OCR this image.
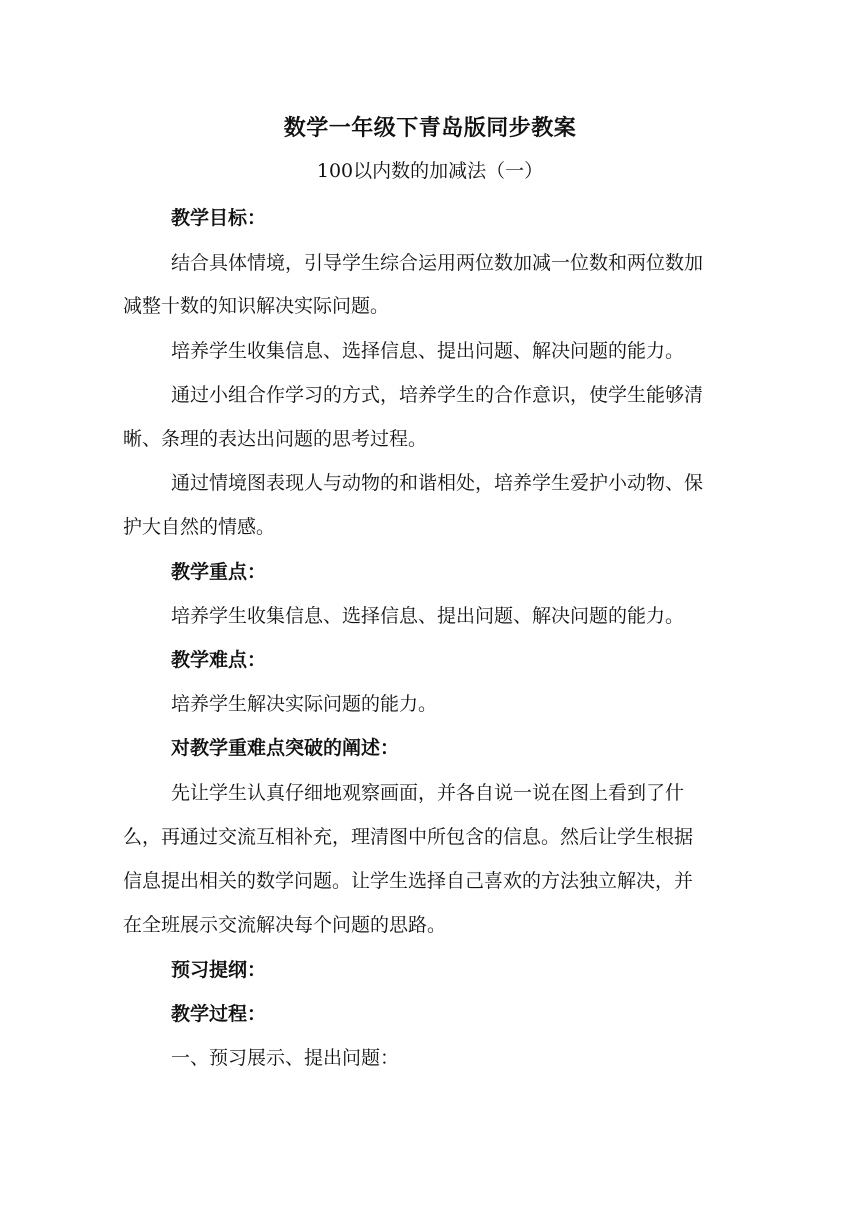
数学一年级下青岛版同步教案
100以内数的加减法（一）
教学目标：
结合具体情境，引导学生综合运用两位数加减一位数和两位数加
减整十数的知识解决实际问题。
培养学生收集信息、选择信息、提出问题、解决问题的能力。
通过小组合作学习的方式，培养学生的合作意识，使学生能够清
晰、条理的表达出问题的思考过程。
通过情境图表现人与动物的和谐相处，培养学生爱护小动物、保
护大自然的情感。
教学重点：
培养学生收集信息、选择信息、提出问题、解决问题的能力。
教学难点：
培养学生解决实际问题的能力。
对教学重难点突破的阐述：
先让学生认真仔细地观察画面，并各自说一说在图上看到了什
么，再通过交流互相补充，理清图中所包含的信息。然后让学生根据
信息提出相关的数学问题。让学生选择自己喜欢的方法独立解决，并
在全班展示交流解决每个问题的思路。
预习提纲：
教学过程：
一、预习展示、提出问题：
